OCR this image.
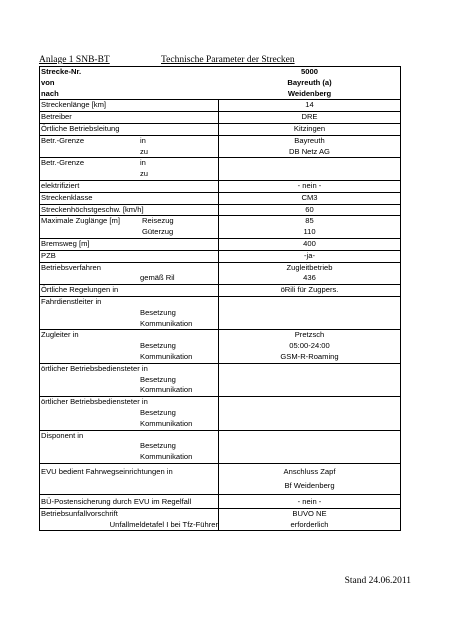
Anlage 1 SNB-BT	Technische Parameter der Strecken
Strecke-Nr.	5000
von	Bayreuth (a)
nach	Weidenberg
Streckenlänge [km]	14
Betreiber	DRE
Örtliche Betriebsleitung	Kitzingen
Betr.-Grenze	in	Bayreuth
zu	DB Netz AG
Betr.-Grenze	in
zu
elektrifiziert	- nein -
Streckenklasse	CM3
Streckenhöchstgeschw. [km/h]	60
Maximale Zuglänge [m]	Reisezug	85
Güterzug	110
Bremsweg [m]	400
PZB	-ja-
Betriebsverfahren	Zugleitbetrieb
gemäß Ril	436
Örtliche Regelungen in	öRili für Zugpers.
Fahrdienstleiter in
Besetzung
Kommunikation
Zugleiter in	Pretzsch
Besetzung	05:00-24:00
Kommunikation	GSM-R-Roaming
örtlicher Betriebsbediensteter in
Besetzung
Kommunikation
örtlicher Betriebsbediensteter in
Besetzung
Kommunikation
Disponent in
Besetzung
Kommunikation
EVU bedient Fahrwegseinrichtungen in	Anschluss Zapf
Bf Weidenberg
BÜ-Postensicherung durch EVU im Regelfall	- nein -
Betriebsunfallvorschrift	BUVO NE
Unfallmeldetafel I bei Tfz-Führer	erforderlich
Stand 24.06.2011
